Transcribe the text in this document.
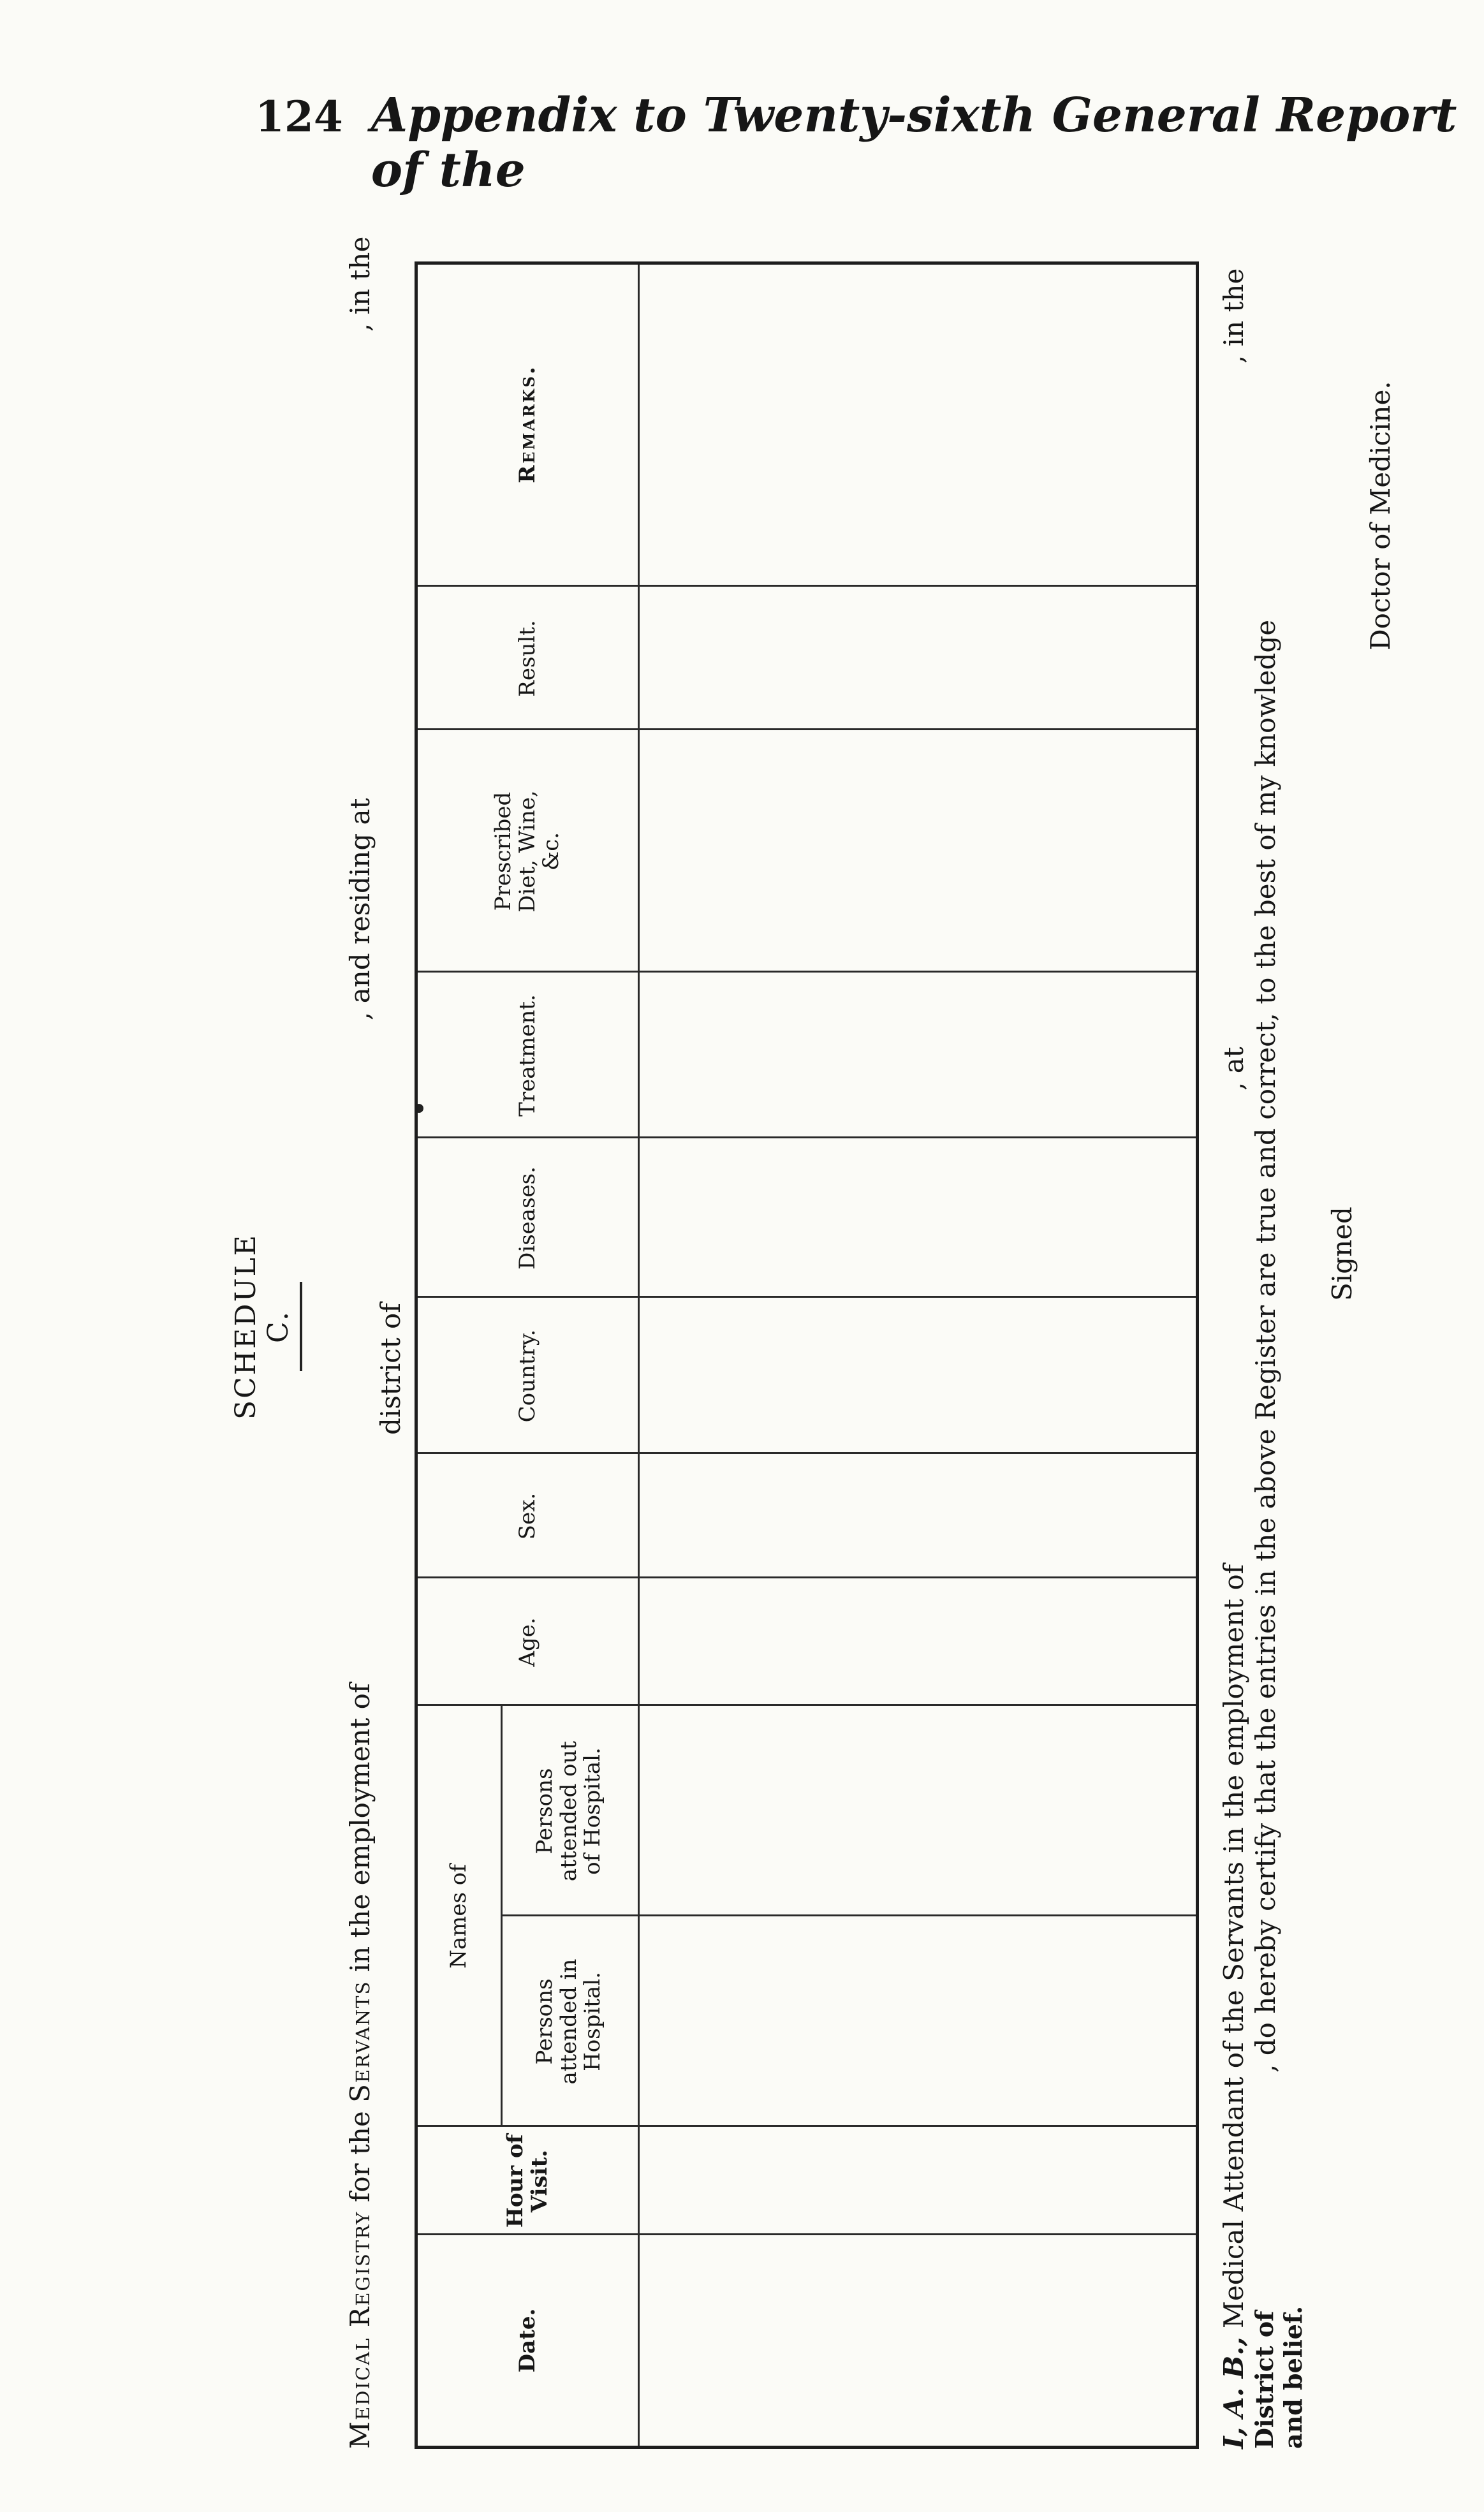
124 Appendix to Twenty-sixth General Report of the
SCHEDULE C.
Medical Registry for the Servants in the employment of
, and residing at
, in the
district of
Date.
Hour of Visit.
Names of
Persons attended in Hospital.
Persons attended out of Hospital.
Age.
Sex.
Country.
Diseases.
Treatment.
Prescribed Diet, Wine, &c.
Result.
Remarks.
I, A. B., Medical Attendant of the Servants in the employment of
, at
, in the
, do hereby certify that the entries in the above Register are true and correct, to the best of my knowledge
District of and belief.
Signed
Doctor of Medicine.
